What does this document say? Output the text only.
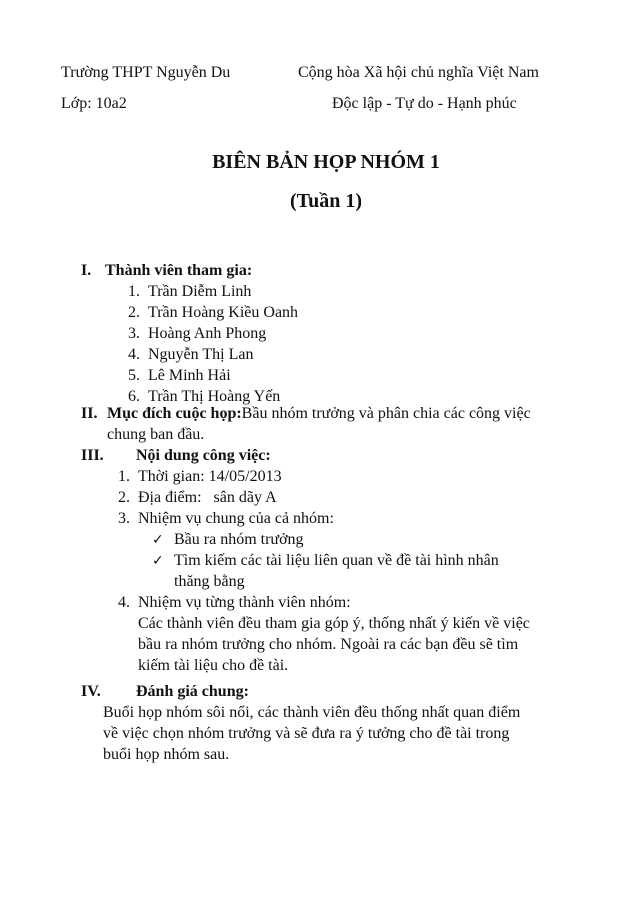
Trường THPT Nguyễn Du	Cộng hòa Xã hội chủ nghĩa Việt Nam
Lớp: 10a2	Độc lập - Tự do - Hạnh phúc
BIÊN BẢN HỌP NHÓM 1
(Tuần 1)
I. Thành viên tham gia:
1. Trần Diễm Linh
2. Trần Hoàng Kiều Oanh
3. Hoàng Anh Phong
4. Nguyễn Thị Lan
5. Lê Minh Hải
6. Trần Thị Hoàng Yến
II. Mục đích cuộc họp:Bầu nhóm trưởng và phân chia các công việc
chung ban đầu.
III. Nội dung công việc:
1. Thời gian: 14/05/2013
2. Địa điểm: sân dãy A
3. Nhiệm vụ chung của cả nhóm:
✓ Bầu ra nhóm trưởng
✓ Tìm kiếm các tài liệu liên quan về đề tài hình nhân
thăng bằng
4. Nhiệm vụ từng thành viên nhóm:
Các thành viên đều tham gia góp ý, thống nhất ý kiến về việc
bầu ra nhóm trưởng cho nhóm. Ngoài ra các bạn đều sẽ tìm
kiếm tài liệu cho đề tài.
IV. Đánh giá chung:
Buổi họp nhóm sôi nổi, các thành viên đều thống nhất quan điểm
về việc chọn nhóm trưởng và sẽ đưa ra ý tưởng cho đề tài trong
buổi họp nhóm sau.
